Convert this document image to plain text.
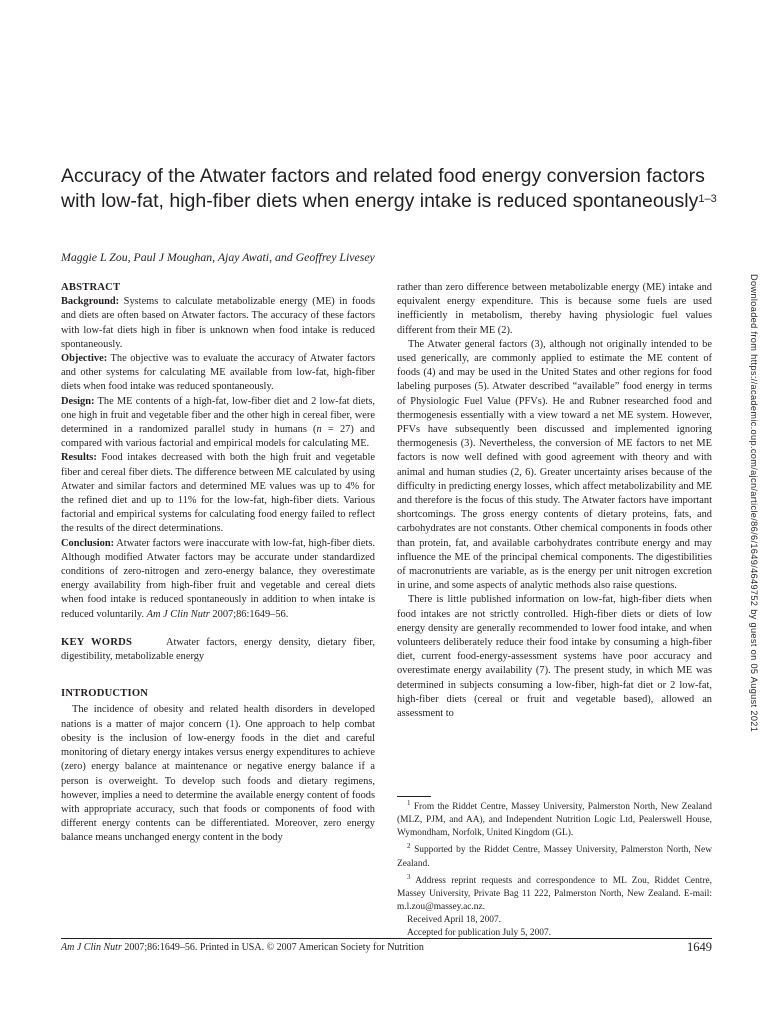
Accuracy of the Atwater factors and related food energy conversion factors with low-fat, high-fiber diets when energy intake is reduced spontaneously$^{1-3}$
Maggie L Zou, Paul J Moughan, Ajay Awati, and Geoffrey Livesey

ABSTRACT

Background: Systems to calculate metabolizable energy (ME) in foods and diets are often based on Atwater factors. The accuracy of these factors with low-fat diets high in fiber is unknown when food intake is reduced spontaneously.

Objective: The objective was to evaluate the accuracy of Atwater factors and other systems for calculating ME available from low-fat, high-fiber diets when food intake was reduced spontaneously.

Design: The ME contents of a high-fat, low-fiber diet and 2 low-fat diets, one high in fruit and vegetable fiber and the other high in cereal fiber, were determined in a randomized parallel study in humans (n = 27) and compared with various factorial and empirical models for calculating ME.

Results: Food intakes decreased with both the high fruit and vegetable fiber and cereal fiber diets. The difference between ME calculated by using Atwater and similar factors and determined ME values was up to 4% for the refined diet and up to 11% for the low-fat, high-fiber diets. Various factorial and empirical systems for calculating food energy failed to reflect the results of the direct determinations.

Conclusion: Atwater factors were inaccurate with low-fat, high-fiber diets. Although modified Atwater factors may be accurate under standardized conditions of zero-nitrogen and zero-energy balance, they overestimate energy availability from high-fiber fruit and vegetable and cereal diets when food intake is reduced spontaneously in addition to when intake is reduced voluntarily. Am J Clin Nutr 2007;86:1649–56.

KEY WORDS	Atwater factors, energy density, dietary fiber, digestibility, metabolizable energy

INTRODUCTION

The incidence of obesity and related health disorders in developed nations is a matter of major concern (1). One approach to help combat obesity is the inclusion of low-energy foods in the diet and careful monitoring of dietary energy intakes versus energy expenditures to achieve (zero) energy balance at maintenance or negative energy balance if a person is overweight. To develop such foods and dietary regimens, however, implies a need to determine the available energy content of foods with appropriate accuracy, such that foods or components of food with different energy contents can be differentiated. Moreover, zero energy balance means unchanged energy content in the body

rather than zero difference between metabolizable energy (ME) intake and equivalent energy expenditure. This is because some fuels are used inefficiently in metabolism, thereby having physiologic fuel values different from their ME (2).

The Atwater general factors (3), although not originally intended to be used generically, are commonly applied to estimate the ME content of foods (4) and may be used in the United States and other regions for food labeling purposes (5). Atwater described “available” food energy in terms of Physiologic Fuel Value (PFVs). He and Rubner researched food and thermogenesis essentially with a view toward a net ME system. However, PFVs have subsequently been discussed and implemented ignoring thermogenesis (3). Nevertheless, the conversion of ME factors to net ME factors is now well defined with good agreement with theory and with animal and human studies (2, 6). Greater uncertainty arises because of the difficulty in predicting energy losses, which affect metabolizability and ME and therefore is the focus of this study. The Atwater factors have important shortcomings. The gross energy contents of dietary proteins, fats, and carbohydrates are not constants. Other chemical components in foods other than protein, fat, and available carbohydrates contribute energy and may influence the ME of the principal chemical components. The digestibilities of macronutrients are variable, as is the energy per unit nitrogen excretion in urine, and some aspects of analytic methods also raise questions.

There is little published information on low-fat, high-fiber diets when food intakes are not strictly controlled. High-fiber diets or diets of low energy density are generally recommended to lower food intake, and when volunteers deliberately reduce their food intake by consuming a high-fiber diet, current food-energy-assessment systems have poor accuracy and overestimate energy availability (7). The present study, in which ME was determined in subjects consuming a low-fiber, high-fat diet or 2 low-fat, high-fiber diets (cereal or fruit and vegetable based), allowed an assessment to

$^1$ From the Riddet Centre, Massey University, Palmerston North, New Zealand (MLZ, PJM, and AA), and Independent Nutrition Logic Ltd, Pealerswell House, Wymondham, Norfolk, United Kingdom (GL).

$^2$ Supported by the Riddet Centre, Massey University, Palmerston North, New Zealand.

$^3$ Address reprint requests and correspondence to ML Zou, Riddet Centre, Massey University, Private Bag 11 222, Palmerston North, New Zealand. E-mail: m.l.zou@massey.ac.nz.

Received April 18, 2007.

Accepted for publication July 5, 2007.

Am J Clin Nutr 2007;86:1649–56. Printed in USA. © 2007 American Society for Nutrition	1649
Downloaded from https://academic.oup.com/ajcn/article/86/6/1649/4649752 by guest on 05 August 2021
